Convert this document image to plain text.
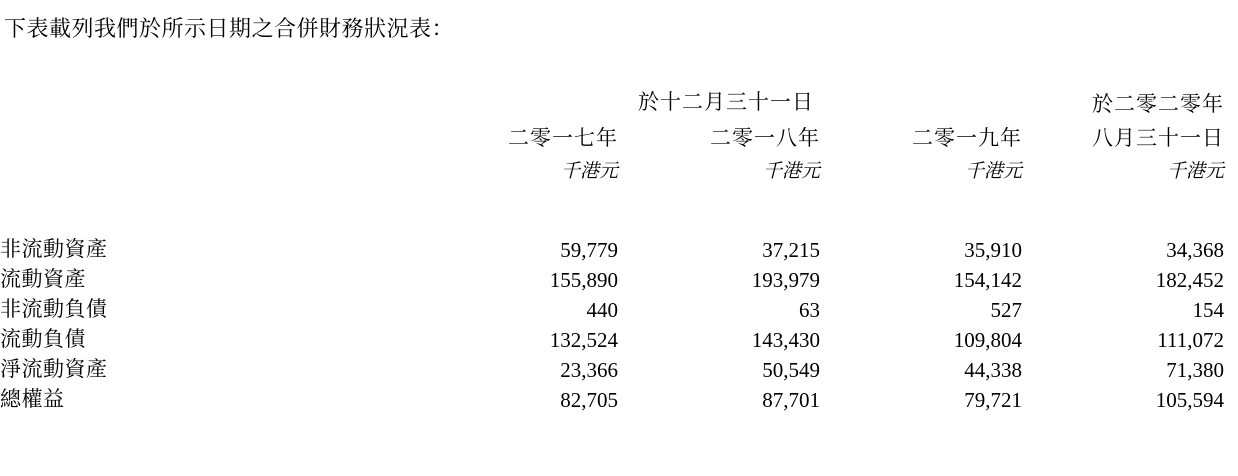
下表載列我們於所示日期之合併財務狀況表：
	於十二月三十一日			於二零二零年

	二零一七年	二零一八年	二零一九年	八月三十一日
	千港元	千港元	千港元	千港元

非流動資產	59,779	37,215	35,910	34,368
流動資產	155,890	193,979	154,142	182,452
非流動負債	440	63	527	154
流動負債	132,524	143,430	109,804	111,072
淨流動資產	23,366	50,549	44,338	71,380
總權益	82,705	87,701	79,721	105,594
